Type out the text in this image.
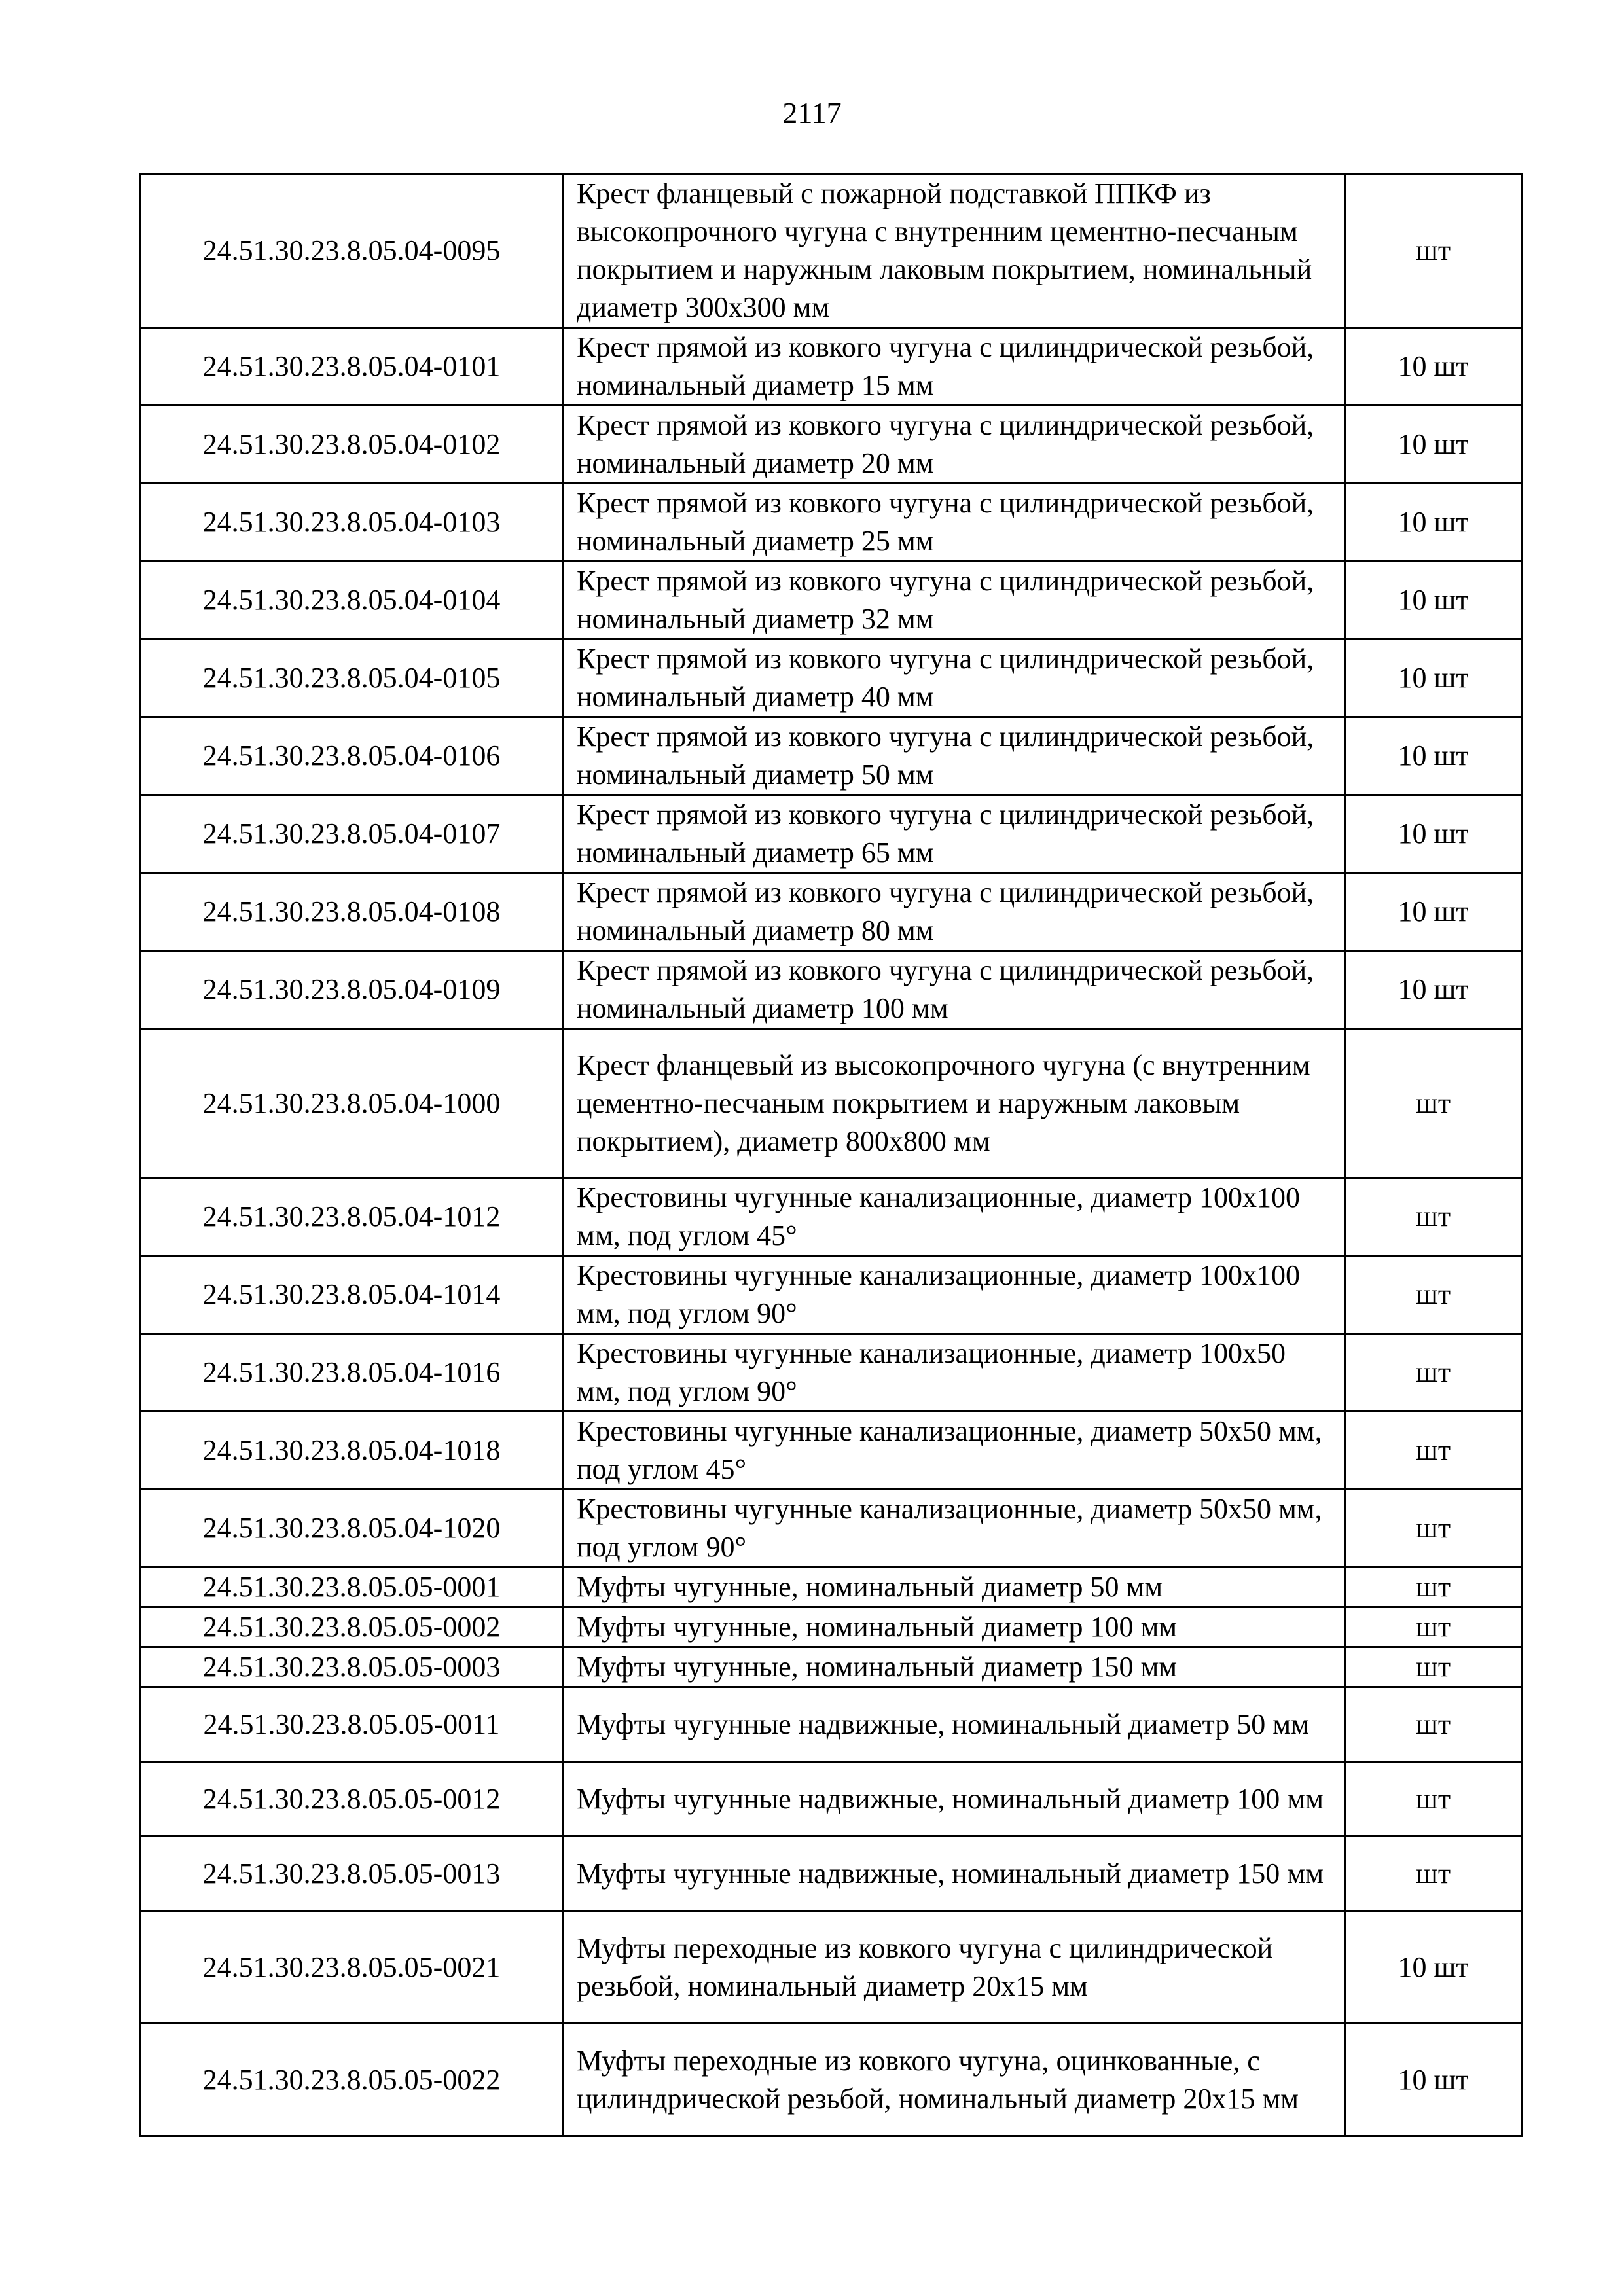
2117
24.51.30.23.8.05.04-0095	Крест фланцевый с пожарной подставкой ППКФ из высокопрочного чугуна с внутренним цементно-песчаным покрытием и наружным лаковым покрытием, номинальный диаметр 300х300 мм	шт
24.51.30.23.8.05.04-0101	Крест прямой из ковкого чугуна с цилиндрической резьбой, номинальный диаметр 15 мм	10 шт
24.51.30.23.8.05.04-0102	Крест прямой из ковкого чугуна с цилиндрической резьбой, номинальный диаметр 20 мм	10 шт
24.51.30.23.8.05.04-0103	Крест прямой из ковкого чугуна с цилиндрической резьбой, номинальный диаметр 25 мм	10 шт
24.51.30.23.8.05.04-0104	Крест прямой из ковкого чугуна с цилиндрической резьбой, номинальный диаметр 32 мм	10 шт
24.51.30.23.8.05.04-0105	Крест прямой из ковкого чугуна с цилиндрической резьбой, номинальный диаметр 40 мм	10 шт
24.51.30.23.8.05.04-0106	Крест прямой из ковкого чугуна с цилиндрической резьбой, номинальный диаметр 50 мм	10 шт
24.51.30.23.8.05.04-0107	Крест прямой из ковкого чугуна с цилиндрической резьбой, номинальный диаметр 65 мм	10 шт
24.51.30.23.8.05.04-0108	Крест прямой из ковкого чугуна с цилиндрической резьбой, номинальный диаметр 80 мм	10 шт
24.51.30.23.8.05.04-0109	Крест прямой из ковкого чугуна с цилиндрической резьбой, номинальный диаметр 100 мм	10 шт
24.51.30.23.8.05.04-1000	Крест фланцевый из высокопрочного чугуна (с внутренним цементно-песчаным покрытием и наружным лаковым покрытием), диаметр 800х800 мм	шт
24.51.30.23.8.05.04-1012	Крестовины чугунные канализационные, диаметр 100х100 мм, под углом 45°	шт
24.51.30.23.8.05.04-1014	Крестовины чугунные канализационные, диаметр 100х100 мм, под углом 90°	шт
24.51.30.23.8.05.04-1016	Крестовины чугунные канализационные, диаметр 100х50 мм, под углом 90°	шт
24.51.30.23.8.05.04-1018	Крестовины чугунные канализационные, диаметр 50х50 мм, под углом 45°	шт
24.51.30.23.8.05.04-1020	Крестовины чугунные канализационные, диаметр 50х50 мм, под углом 90°	шт
24.51.30.23.8.05.05-0001	Муфты чугунные, номинальный диаметр 50 мм	шт
24.51.30.23.8.05.05-0002	Муфты чугунные, номинальный диаметр 100 мм	шт
24.51.30.23.8.05.05-0003	Муфты чугунные, номинальный диаметр 150 мм	шт
24.51.30.23.8.05.05-0011	Муфты чугунные надвижные, номинальный диаметр 50 мм	шт
24.51.30.23.8.05.05-0012	Муфты чугунные надвижные, номинальный диаметр 100 мм	шт
24.51.30.23.8.05.05-0013	Муфты чугунные надвижные, номинальный диаметр 150 мм	шт
24.51.30.23.8.05.05-0021	Муфты переходные из ковкого чугуна с цилиндрической резьбой, номинальный диаметр 20х15 мм	10 шт
24.51.30.23.8.05.05-0022	Муфты переходные из ковкого чугуна, оцинкованные, с цилиндрической резьбой, номинальный диаметр 20х15 мм	10 шт
